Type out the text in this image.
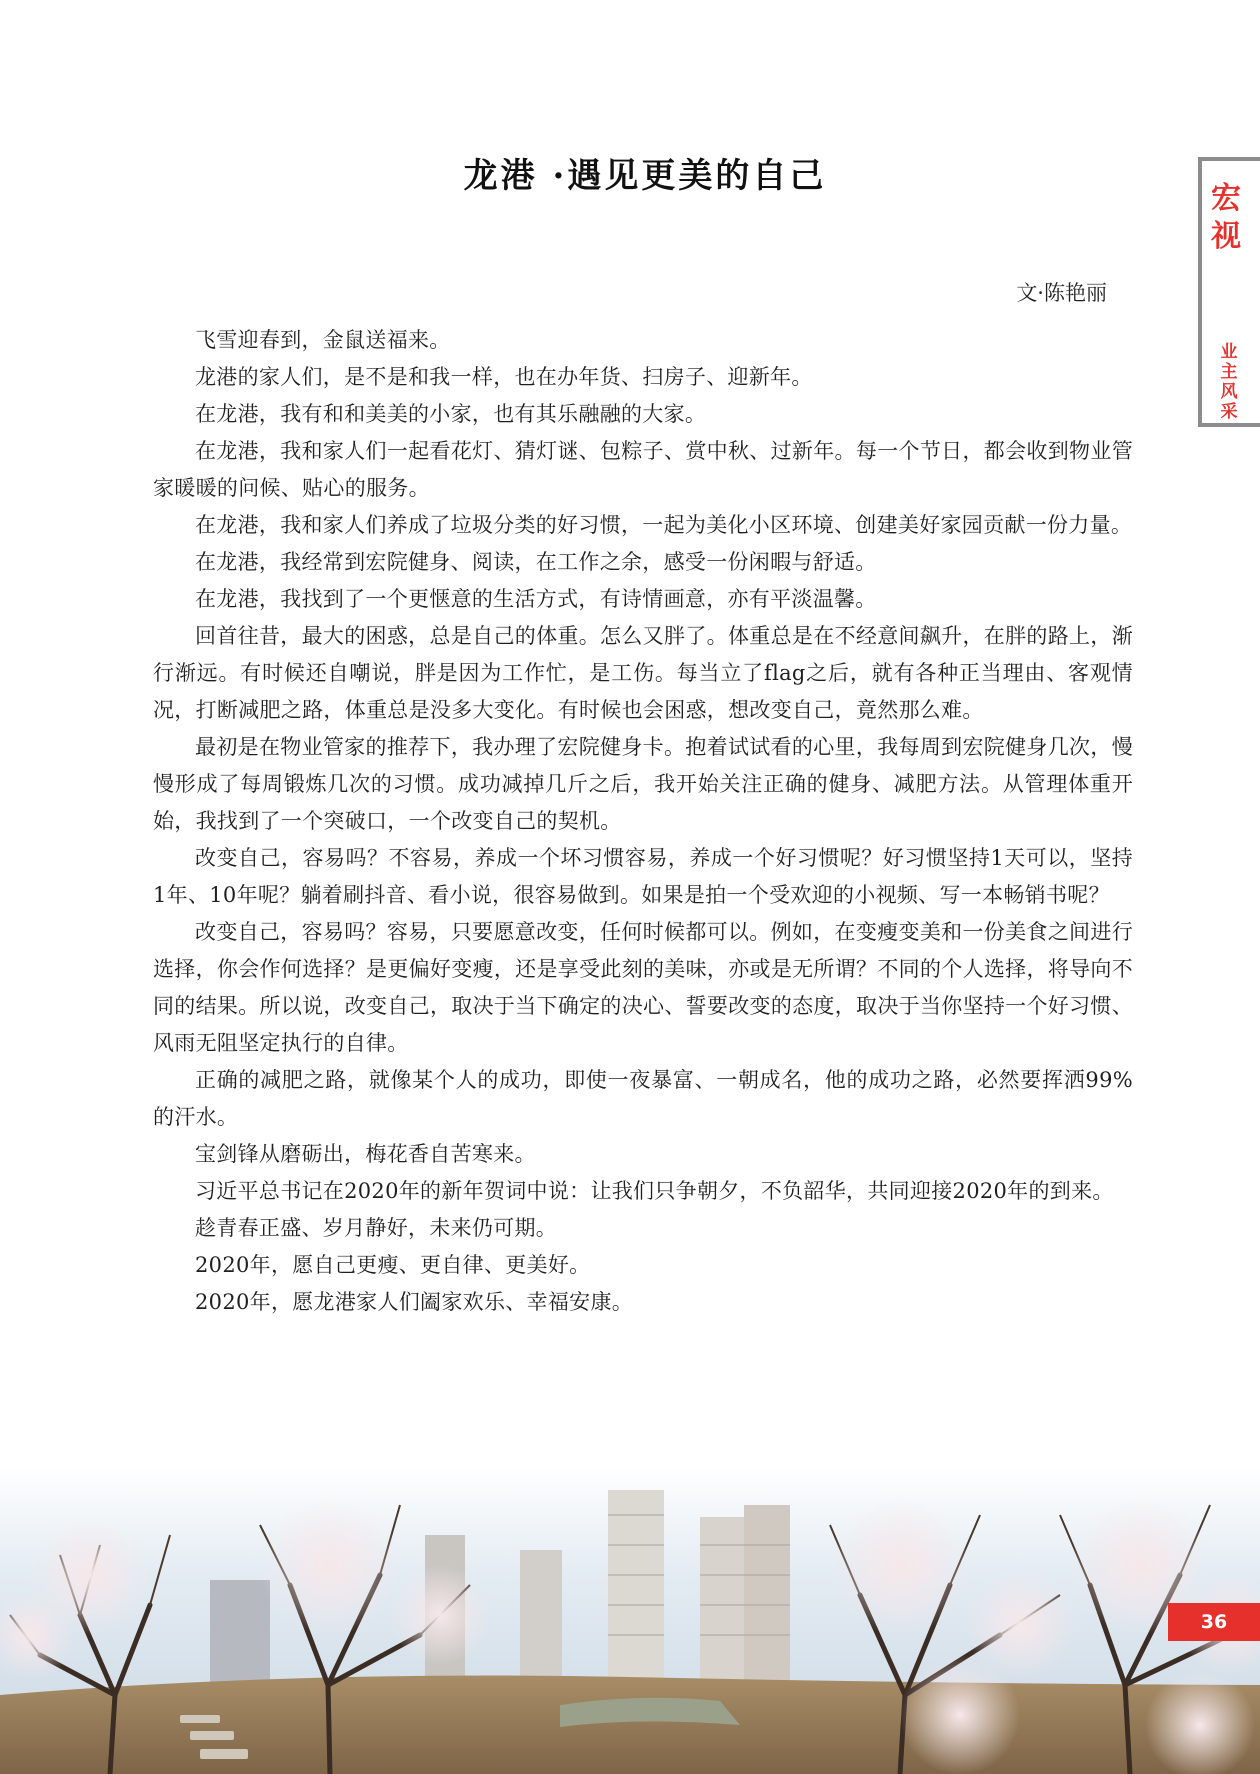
宏视
业主风采
龙港 ·遇见更美的自己
文·陈艳丽

飞雪迎春到，金鼠送福来。

龙港的家人们，是不是和我一样，也在办年货、扫房子、迎新年。

在龙港，我有和和美美的小家，也有其乐融融的大家。

在龙港，我和家人们一起看花灯、猜灯谜、包粽子、赏中秋、过新年。每一个节日，都会收到物业管家暖暖的问候、贴心的服务。

在龙港，我和家人们养成了垃圾分类的好习惯，一起为美化小区环境、创建美好家园贡献一份力量。

在龙港，我经常到宏院健身、阅读，在工作之余，感受一份闲暇与舒适。

在龙港，我找到了一个更惬意的生活方式，有诗情画意，亦有平淡温馨。

回首往昔，最大的困惑，总是自己的体重。怎么又胖了。体重总是在不经意间飙升，在胖的路上，渐行渐远。有时候还自嘲说，胖是因为工作忙，是工伤。每当立了flag之后，就有各种正当理由、客观情况，打断减肥之路，体重总是没多大变化。有时候也会困惑，想改变自己，竟然那么难。

最初是在物业管家的推荐下，我办理了宏院健身卡。抱着试试看的心里，我每周到宏院健身几次，慢慢形成了每周锻炼几次的习惯。成功减掉几斤之后，我开始关注正确的健身、减肥方法。从管理体重开始，我找到了一个突破口，一个改变自己的契机。

改变自己，容易吗？不容易，养成一个坏习惯容易，养成一个好习惯呢？好习惯坚持1天可以，坚持1年、10年呢？躺着刷抖音、看小说，很容易做到。如果是拍一个受欢迎的小视频、写一本畅销书呢？

改变自己，容易吗？容易，只要愿意改变，任何时候都可以。例如，在变瘦变美和一份美食之间进行选择，你会作何选择？是更偏好变瘦，还是享受此刻的美味，亦或是无所谓？不同的个人选择，将导向不同的结果。所以说，改变自己，取决于当下确定的决心、誓要改变的态度，取决于当你坚持一个好习惯、风雨无阻坚定执行的自律。

正确的减肥之路，就像某个人的成功，即使一夜暴富、一朝成名，他的成功之路，必然要挥洒99%的汗水。

宝剑锋从磨砺出，梅花香自苦寒来。

习近平总书记在2020年的新年贺词中说：让我们只争朝夕，不负韶华，共同迎接2020年的到来。

趁青春正盛、岁月静好，未来仍可期。

2020年，愿自己更瘦、更自律、更美好。

2020年，愿龙港家人们阖家欢乐、幸福安康。

36
